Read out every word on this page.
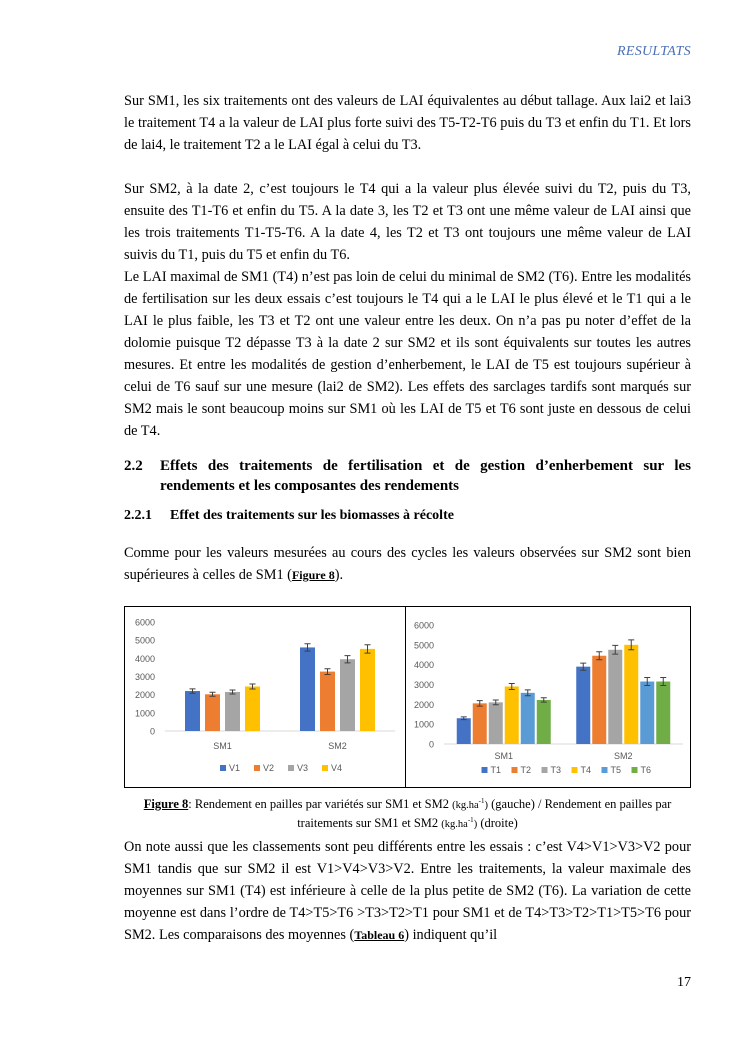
RESULTATS

Sur SM1, les six traitements ont des valeurs de LAI équivalentes au début tallage. Aux lai2 et lai3 le traitement T4 a la valeur de LAI plus forte suivi des T5-T2-T6 puis du T3 et enfin du T1. Et lors de lai4, le traitement T2 a le LAI égal à celui du T3.

Sur SM2, à la date 2, c’est toujours le T4 qui a la valeur plus élevée suivi du T2, puis du T3, ensuite des T1-T6 et enfin du T5. A la date 3, les T2 et T3 ont une même valeur de LAI ainsi que les trois traitements T1-T5-T6. A la date 4, les T2 et T3 ont toujours une même valeur de LAI suivis du T1, puis du T5 et enfin du T6.

Le LAI maximal de SM1 (T4) n’est pas loin de celui du minimal de SM2 (T6). Entre les modalités de fertilisation sur les deux essais c’est toujours le T4 qui a le LAI le plus élevé et le T1 qui a le LAI le plus faible, les T3 et T2 ont une valeur entre les deux. On n’a pas pu noter d’effet de la dolomie puisque T2 dépasse T3 à la date 2 sur SM2 et ils sont équivalents sur toutes les autres mesures. Et entre les modalités de gestion d’enherbement, le LAI de T5 est toujours supérieur à celui de T6 sauf sur une mesure (lai2 de SM2). Les effets des sarclages tardifs sont marqués sur SM2 mais le sont beaucoup moins sur SM1 où les LAI de T5 et T6 sont juste en dessous de celui de T4.

2.2 Effets des traitements de fertilisation et de gestion d’enherbement sur les rendements et les composantes des rendements
2.2.1 Effet des traitements sur les biomasses à récolte

Comme pour les valeurs mesurées au cours des cycles les valeurs observées sur SM2 sont bien supérieures à celles de SM1 (Figure 8).

0
1000
2000
3000
4000
5000
6000
SM1	SM2
V1	V2	V3	V4
0
1000
2000
3000
4000
5000
6000
SM1	SM2
T1 T2 T3 T4 T5 T6
Figure 8: Rendement en pailles par variétés sur SM1 et SM2 $(kg.ha^{-1})$ (gauche) / Rendement en pailles par traitements sur SM1 et SM2 $(kg.ha^{-1})$ (droite)

On note aussi que les classements sont peu différents entre les essais : c’est V4>V1>V3>V2 pour SM1 tandis que sur SM2 il est V1>V4>V3>V2. Entre les traitements, la valeur maximale des moyennes sur SM1 (T4) est inférieure à celle de la plus petite de SM2 (T6). La variation de cette moyenne est dans l’ordre de T4>T5>T6 >T3>T2>T1 pour SM1 et de T4>T3>T2>T1>T5>T6 pour SM2. Les comparaisons des moyennes (Tableau 6) indiquent qu’il

17
